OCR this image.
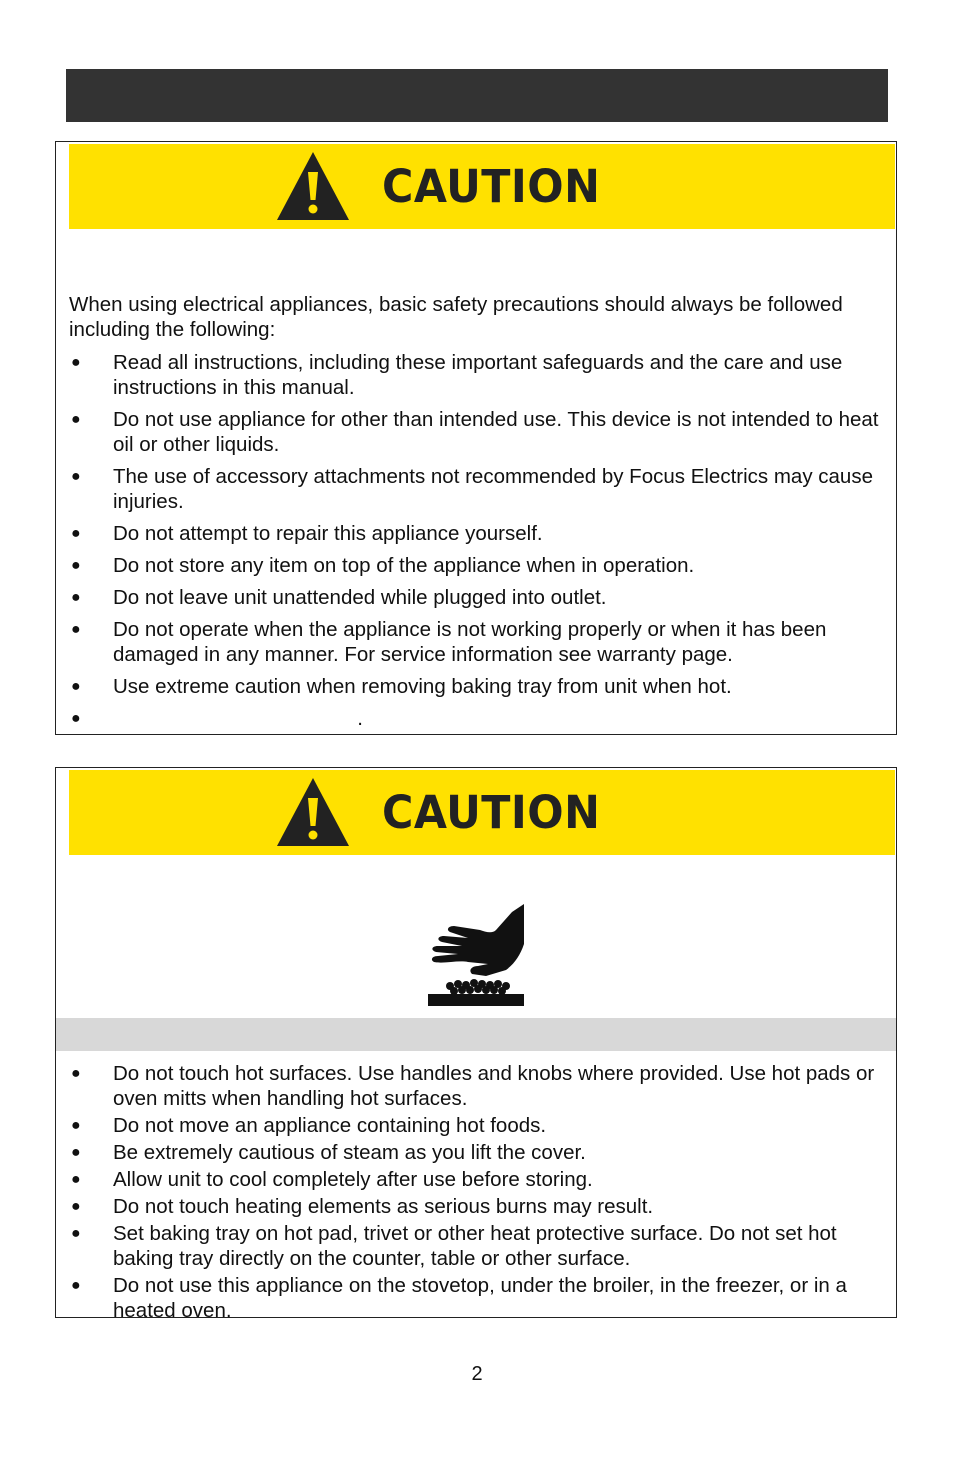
CAUTION

When using electrical appliances, basic safety precautions should always be followed including the following:

● Read all instructions, including these important safeguards and the care and use instructions in this manual.
● Do not use appliance for other than intended use. This device is not intended to heat oil or other liquids.
● The use of accessory attachments not recommended by Focus Electrics may cause injuries.
● Do not attempt to repair this appliance yourself.
● Do not store any item on top of the appliance when in operation.
● Do not leave unit unattended while plugged into outlet.
● Do not operate when the appliance is not working properly or when it has been damaged in any manner. For service information see warranty page.
● Use extreme caution when removing baking tray from unit when hot.
●	.
CAUTION
● Do not touch hot surfaces. Use handles and knobs where provided. Use hot pads or oven mitts when handling hot surfaces.
● Do not move an appliance containing hot foods.
● Be extremely cautious of steam as you lift the cover.
● Allow unit to cool completely after use before storing.
● Do not touch heating elements as serious burns may result.
● Set baking tray on hot pad, trivet or other heat protective surface. Do not set hot baking tray directly on the counter, table or other surface.
● Do not use this appliance on the stovetop, under the broiler, in the freezer, or in a heated oven.
2
